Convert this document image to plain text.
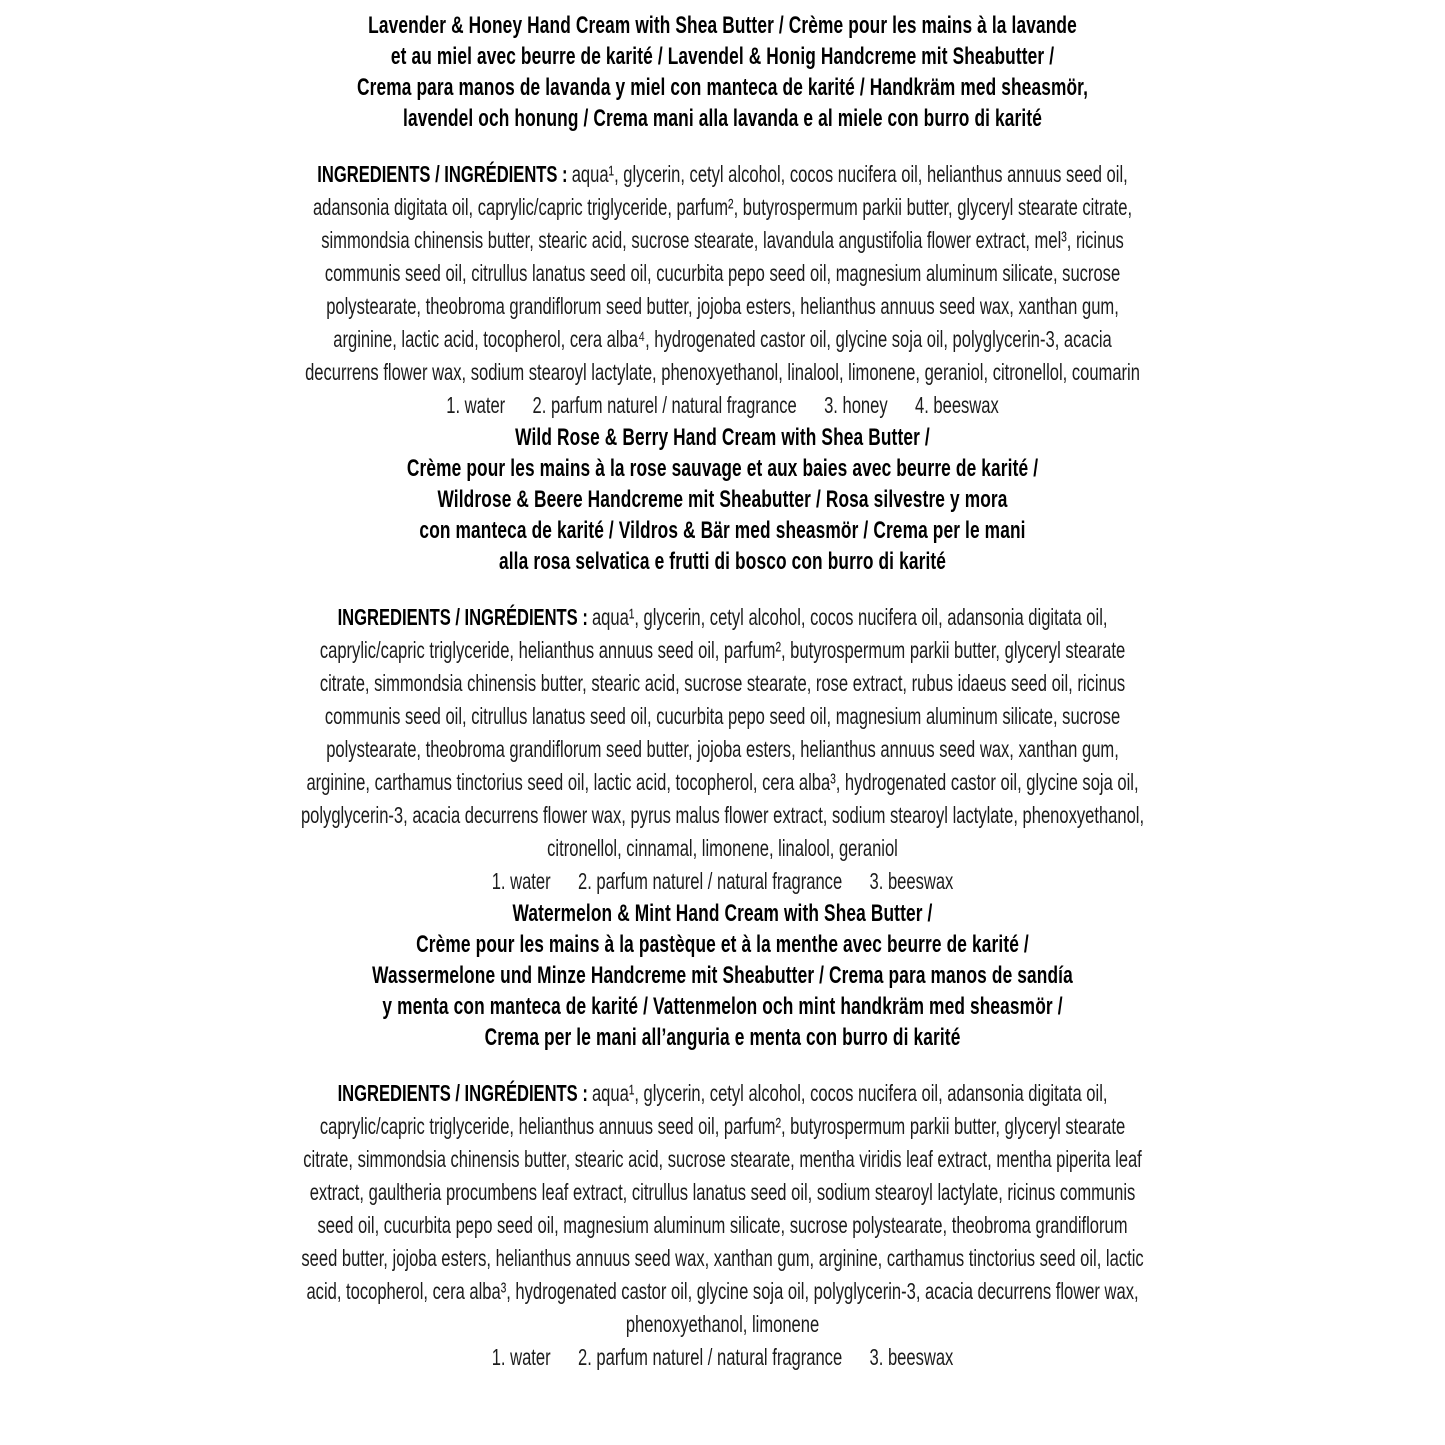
Lavender & Honey Hand Cream with Shea Butter / Crème pour les mains à la lavande
et au miel avec beurre de karité / Lavendel & Honig Handcreme mit Sheabutter /
Crema para manos de lavanda y miel con manteca de karité / Handkräm med sheasmör,
lavendel och honung / Crema mani alla lavanda e al miele con burro di karité

INGREDIENTS / INGRÉDIENTS : aqua¹, glycerin, cetyl alcohol, cocos nucifera oil, helianthus annuus seed oil, adansonia digitata oil, caprylic/capric triglyceride, parfum², butyrospermum parkii butter, glyceryl stearate citrate, simmondsia chinensis butter, stearic acid, sucrose stearate, lavandula angustifolia flower extract, mel³, ricinus communis seed oil, citrullus lanatus seed oil, cucurbita pepo seed oil, magnesium aluminum silicate, sucrose polystearate, theobroma grandiflorum seed butter, jojoba esters, helianthus annuus seed wax, xanthan gum, arginine, lactic acid, tocopherol, cera alba⁴, hydrogenated castor oil, glycine soja oil, polyglycerin-3, acacia decurrens flower wax, sodium stearoyl lactylate, phenoxyethanol, linalool, limonene, geraniol, citronellol, coumarin

1. water 2. parfum naturel / natural fragrance 3. honey 4. beeswax
Wild Rose & Berry Hand Cream with Shea Butter /
Crème pour les mains à la rose sauvage et aux baies avec beurre de karité /
Wildrose & Beere Handcreme mit Sheabutter / Rosa silvestre y mora
con manteca de karité / Vildros & Bär med sheasmör / Crema per le mani
alla rosa selvatica e frutti di bosco con burro di karité

INGREDIENTS / INGRÉDIENTS : aqua¹, glycerin, cetyl alcohol, cocos nucifera oil, adansonia digitata oil, caprylic/capric triglyceride, helianthus annuus seed oil, parfum², butyrospermum parkii butter, glyceryl stearate citrate, simmondsia chinensis butter, stearic acid, sucrose stearate, rose extract, rubus idaeus seed oil, ricinus communis seed oil, citrullus lanatus seed oil, cucurbita pepo seed oil, magnesium aluminum silicate, sucrose polystearate, theobroma grandiflorum seed butter, jojoba esters, helianthus annuus seed wax, xanthan gum, arginine, carthamus tinctorius seed oil, lactic acid, tocopherol, cera alba³, hydrogenated castor oil, glycine soja oil, polyglycerin-3, acacia decurrens flower wax, pyrus malus flower extract, sodium stearoyl lactylate, phenoxyethanol, citronellol, cinnamal, limonene, linalool, geraniol

1. water 2. parfum naturel / natural fragrance 3. beeswax
Watermelon & Mint Hand Cream with Shea Butter /
Crème pour les mains à la pastèque et à la menthe avec beurre de karité /
Wassermelone und Minze Handcreme mit Sheabutter / Crema para manos de sandía
y menta con manteca de karité / Vattenmelon och mint handkräm med sheasmör /
Crema per le mani all’anguria e menta con burro di karité

INGREDIENTS / INGRÉDIENTS : aqua¹, glycerin, cetyl alcohol, cocos nucifera oil, adansonia digitata oil, caprylic/capric triglyceride, helianthus annuus seed oil, parfum², butyrospermum parkii butter, glyceryl stearate citrate, simmondsia chinensis butter, stearic acid, sucrose stearate, mentha viridis leaf extract, mentha piperita leaf extract, gaultheria procumbens leaf extract, citrullus lanatus seed oil, sodium stearoyl lactylate, ricinus communis seed oil, cucurbita pepo seed oil, magnesium aluminum silicate, sucrose polystearate, theobroma grandiflorum seed butter, jojoba esters, helianthus annuus seed wax, xanthan gum, arginine, carthamus tinctorius seed oil, lactic acid, tocopherol, cera alba³, hydrogenated castor oil, glycine soja oil, polyglycerin-3, acacia decurrens flower wax, phenoxyethanol, limonene

1. water 2. parfum naturel / natural fragrance 3. beeswax
